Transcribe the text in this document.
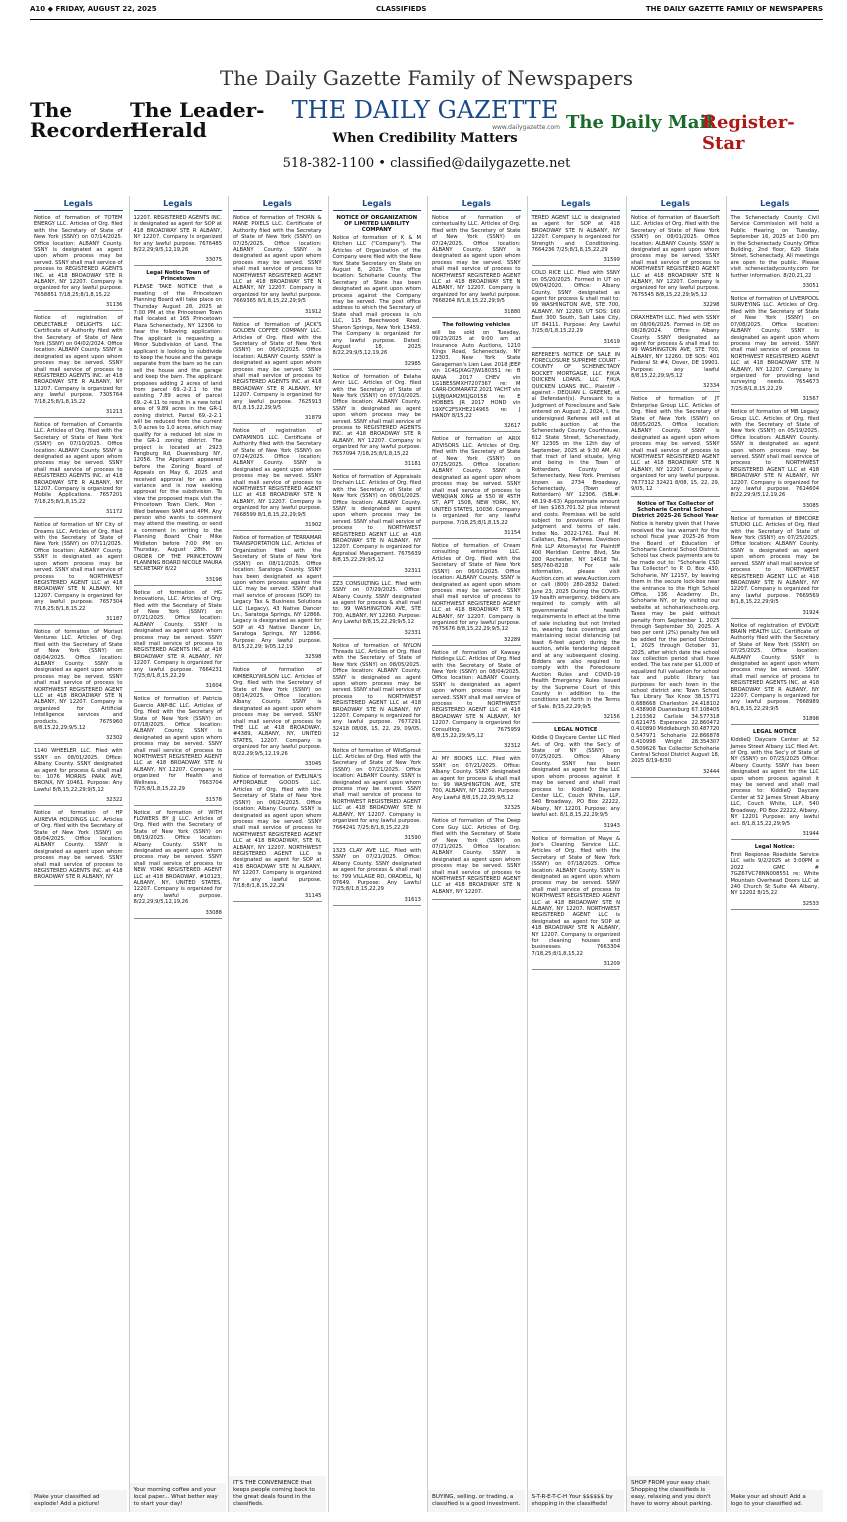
A10 ◆ FRIDAY, AUGUST 22, 2025	CLASSIFIEDS	THE DAILY GAZETTE FAMILY OF NEWSPAPERS
The Daily Gazette Family of Newspapers
The Recorder
The Leader-Herald
THE DAILY GAZETTE
www.dailygazette.com
When Credibility Matters
The Daily Mail
Register-Star
518-382-1100 • classified@dailygazette.net
Legals
Notice of formation of TOTEM ENERGY LLC. Articles of Org. filed with the Secretary of State of New York (SSNY) on 07/14/2025. Office location: ALBANY County. SSNY is designated as agent upon whom process may be served. SSNY shall mail service of process to REGISTERED AGENTS INC. at 418 BROADWAY STE R ALBANY, NY 12207. Company is organized for any lawful purpose. 7658851 7/18,25;8/1,8,15,22
31136
Notice of registration of DELECTABLE DELIGHTS LLC. Certificate of Authority filed with the Secretary of State of New York (SSNY) on 04/02/2024. Office location: ALBANY County. SSNY is designated as agent upon whom process may be served. SSNY shall mail service of process to REGISTERED AGENTS INC. at 418 BROADWAY STE R ALBANY, NY 12207. Company is organized for any lawful purpose. 7305764 7/18,25;8/1,8,15,22
31213
Notice of formation of Comantis LLC. Articles of Org. filed with the Secretary of State of New York (SSNY) on 07/10/2025. Office location: ALBANY County. SSNY is designated as agent upon whom process may be served. SSNY shall mail service of process to REGISTERED AGENTS INC. at 418 BROADWAY STE R ALBANY, NY 12207. Company is organized for Mobile Applications. 7657201 7/18,25;8/1,8,15,22
31172
Notice of formation of NY City of Dreams LLC. Articles of Org. filed with the Secretary of State of New York (SSNY) on 07/11/2025. Office location: ALBANY County. SSNY is designated as agent upon whom process may be served. SSNY shall mail service of process to NORTHWEST REGISTERED AGENT LLC at 418 BROADWAY STE N ALBANY, NY 12207. Company is organized for any lawful purpose. 7657304 7/18,25;8/1,8,15,22
31187
Notice of formation of Morisot Ventures LLC. Articles of Org. filed with the Secretary of State of New York (SSNY) on 08/04/2025. Office location: ALBANY County. SSNY is designated as agent upon whom process may be served. SSNY shall mail service of process to NORTHWEST REGISTERED AGENT LLC at 418 BROADWAY STE N ALBANY, NY 12207. Company is organized for Artificial Intelligence services and products. 7675960 8/8,15,22,29;9/5,12
32302
1140 WHEELER LLC. Filed with SSNY on 08/01/2025. Office: Albany County. SSNY designated as agent for process & shall mail to: 1076 MORRIS PARK AVE, BRONX, NY 10461. Purpose: Any Lawful 8/8,15,22,29;9/5,12
32322
Notice of formation of HP AUREVIA HOLDINGS LLC. Articles of Org. filed with the Secretary of State of New York (SSNY) on 08/04/2025. Office location: ALBANY County. SSNY is designated as agent upon whom process may be served. SSNY shall mail service of process to REGISTERED AGENTS INC. at 418 BROADWAY STE R ALBANY, NY
Make your classified ad explode! Add a picture!
Legals
12207. REGISTERED AGENTS INC. is designated as agent for SOP at 418 BROADWAY STE R ALBANY, NY 12207. Company is organized for any lawful purpose. 7676485 8/22,29;9/5,12,19,26
33075
Legal Notice Town of Princetown
PLEASE TAKE NOTICE that a meeting of the Princetown Planning Board will take place on Thursday August 28, 2025 at 7:00 PM at the Princetown Town Hall located at 165 Princetown Plaza Schenectady, NY 12306 to hear the following application: The applicant is requesting a Minor Subdivision of Land. The applicant is looking to subdivide to keep the house and the garage separate from the barn so he can sell the house and the garage and keep the barn. The applicant proposes adding 2 acres of land from parcel 69.-2-2.1 to the existing 7.89 acres of parcel 69.-2-4.11 to result in a new total area of 9.89 acres in the GR-1 zoning district. Parcel 69.-2-2.1 will be reduced from the current 3.0 acres to 1.0 acres, which may qualify for a reduced lot size in the GR-1 zoning district. The project is located at 2923 Pangburg Rd, Duanesburg NY, 12056. The Applicant appeared before the Zoning Board of Appeals on May 6, 2025 and received approval for an area variance and is now seeking approval for the subdivision. To view the proposed maps visit the Princetown Town Clerk, Mon - Wed between 9AM and 4PM. Any person who wants to comment may attend the meeting, or send a comment in writing to the Planning Board Chair Mike Mildleton before 7:00 PM on Thursday, August 28th. BY ORDER OF THE PRINCETOWN PLANNING BOARD NICOLE MAURA SECRETARY 8/22
33198
Notice of formation of HG Innovations, LLC. Articles of Org. filed with the Secretary of State of New York (SSNY) on 07/21/2025. Office location: ALBANY County. SSNY is designated as agent upon whom process may be served. SSNY shall mail service of process to REGISTERED AGENTS INC. at 418 BROADWAY STE R ALBANY, NY 12207. Company is organized for any lawful purpose. 7664231 7/25;8/1,8,15,22,29
31604
Notice of formation of Patricia Guercio ANP-BC LLC. Articles of Org. filed with the Secretary of State of New York (SSNY) on 07/18/2025. Office location: ALBANY County. SSNY is designated as agent upon whom process may be served. SSNY shall mail service of process to NORTHWEST REGISTERED AGENT LLC at 418 BROADWAY STE N ALBANY, NY 12207. Company is organized for Health and Wellness. 7663704 7/25;8/1,8,15,22,29
31578
Notice of formation of WITH FLOWERS BY JJ LLC. Articles of Org. filed with the Secretary of State of New York (SSNY) on 08/19/2025. Office location: Albany County. SSNY is designated as agent upon whom process may be served. SSNY shall mail service of process to NEW YORK REGISTERED AGENT LLC at 418 BROADWAY, #10123, ALBANY, NY, UNITED STATES, 12207. Company is organized for any lawful purpose. 8/22,29;9/5,12,19,26
33088
Your morning coffee and your local paper... What better way to start your day!
Legals
Notice of formation of THORN & MANE PIXELS LLC. Certificate of Authority filed with the Secretary of State of New York (SSNY) on 07/25/2025. Office location: ALBANY County. SSNY is designated as agent upon whom process may be served. SSNY shall mail service of process to NORTHWEST REGISTERED AGENT LLC at 418 BROADWAY STE N ALBANY, NY 12207. Company is organized for any lawful purpose. 7669365 8/1,8,15,22,29;9/5
31912
Notice of formation of JACK'S GOLDEN COFFEE COMPANY LLC. Articles of Org. filed with the Secretary of State of New York (SSNY) on 06/02/2025. Office location: ALBANY County. SSNY is designated as agent upon whom process may be served. SSNY shall mail service of process to REGISTERED AGENTS INC. at 418 BROADWAY STE R ALBANY, NY 12207. Company is organized for any lawful purpose. 7625913 8/1,8,15,22,29;9/5
31879
Notice of registration of DATAMINDS LLC. Certificate of Authority filed with the Secretary of State of New York (SSNY) on 07/24/2025. Office location: ALBANY County. SSNY is designated as agent upon whom process may be served. SSNY shall mail service of process to NORTHWEST REGISTERED AGENT LLC at 418 BROADWAY STE N ALBANY, NY 12207. Company is organized for any lawful purpose. 7668599 8/1,8,15,22,29;9/5
31902
Notice of formation of TERRAMAR TRANSPORTATION LLC. Articles of Organization filed with the Secretary of State of New York (SSNY) on 08/11/2025. Office location: Saratoga County. SSNY has been designated as agent upon whom process against the LLC may be served. SSNY shall mail service of process (SOP) to: Legacy Tax & Business Solutions LLC (Legacy), 43 Native Dancer Ln., Saratoga Springs, NY 12866. Legacy is designated as agent for SOP at 43 Native Dancer Ln, Saratoga Springs, NY 12866. Purpose: Any lawful purpose. 8/15,22,29; 9/05,12,19
32598
Notice of formation of KIMBERLYWILSON LLC. Articles of Org. filed with the Secretary of State of New York (SSNY) on 08/14/2025. Office location: Albany County. SSNY is designated as agent upon whom process may be served. SSNY shall mail service of process to THE LLC at 418 BROADWAY, #4389, ALBANY, NY, UNITED STATES, 12207. Company is organized for any lawful purpose. 8/22,29;9/5,12,19,26
33045
Notice of formation of EVELINA'S AFFORDABLE GOODS LLC. Articles of Org. filed with the Secretary of State of New York (SSNY) on 06/24/2025. Office location: Albany County. SSNY is designated as agent upon whom process may be served. SSNY shall mail service of process to NORTHWEST REGISTERED AGENT LLC at 418 BROADWAY, STE N, ALBANY, NY 12207. NORTHWEST REGISTERED AGENT LLC is designated as agent for SOP at 418 BROADWAY STE N ALBANY, NY 12207. Company is organized for any lawful purpose. 7/18;8/1,8,15,22,29
31145
IT'S THE CONVENIENCE that keeps people coming back to the great deals found in the classifieds.
Legals
NOTICE OF ORGANIZATION OF LIMITED LIABILITY COMPANY
Notice of formation of K & M Kitchen LLC ("Company"). The Articles of Organization of the Company were filed with the New York State Secretary on State on August 8, 2025. The office location: Schoharie County. The Secretary of State has been designated as agent upon whom process against the Company may be served. The post office address to which the Secretary of State shall mail process is c/o LLC, 115 Beechwood Road, Sharon Springs, New York 13459. The Company is organized for any lawful purpose. Dated: August 18, 2025 8/22,29;9/5,12,19,26
32985
Notice of formation of Eelaha Amir LLC. Articles of Org. filed with the Secretary of State of New York (SSNY) on 07/10/2025. Office location: ALBANY County. SSNY is designated as agent upon whom process may be served. SSNY shall mail service of process to REGISTERED AGENTS INC. at 418 BROADWAY STE R ALBANY, NY 12207. Company is organized for any lawful purpose. 7657094 7/18,25;8/1,8,15,22
31181
Notice of formation of Appraisals Onchain LLC. Articles of Org. filed with the Secretary of State of New York (SSNY) on 08/01/2025. Office location: ALBANY County. SSNY is designated as agent upon whom process may be served. SSNY shall mail service of process to NORTHWEST REGISTERED AGENT LLC at 418 BROADWAY STE N ALBANY, NY 12207. Company is organized for Appraisal Management. 7675639 8/8,15,22,29;9/5,12
32311
ZZ3 CONSULTING LLC. Filed with SSNY on 07/29/2025. Office: Albany County. SSNY designated as agent for process & shall mail to: 99 WASHINGTON AVE, STE 700, ALBANY, NY 12260. Purpose: Any Lawful 8/8,15,22,29;9/5,12
32331
Notice of formation of NYLON Threads LLC. Articles of Org. filed with the Secretary of State of New York (SSNY) on 08/05/2025. Office location: ALBANY County. SSNY is designated as agent upon whom process may be served. SSNY shall mail service of process to NORTHWEST REGISTERED AGENT LLC at 418 BROADWAY STE N ALBANY, NY 12207. Company is organized for any lawful purpose. 7677291 32418 08/08, 15, 22, 29, 09/05, 12
Notice of formation of WildSprout LLC. Articles of Org. filed with the Secretary of State of New York (SSNY) on 07/21/2025. Office location: ALBANY County. SSNY is designated as agent upon whom process may be served. SSNY shall mail service of process to NORTHWEST REGISTERED AGENT LLC at 418 BROADWAY STE N ALBANY, NY 12207. Company is organized for any lawful purpose. 7664241 7/25;8/1,8,15,22,29
31590
1323 CLAY AVE LLC. Filed with SSNY on 07/21/2025. Office: Albany County. SSNY designated as agent for process & shall mail to: 799 VILLAGE RD, ORADELL, NJ 07649. Purpose: Any Lawful 7/25;8/1,8,15,22,29
31613
Legals
Notice of formation of contextuality LLC. Articles of Org. filed with the Secretary of State of New York (SSNY) on 07/24/2025. Office location: ALBANY County. SSNY is designated as agent upon whom process may be served. SSNY shall mail service of process to NORTHWEST REGISTERED AGENT LLC at 418 BROADWAY STE N ALBANY, NY 12207. Company is organized for any lawful purpose. 7668264 8/1,8,15,22,29;9/5
31880
The following vehicles
will be sold on Tuesday, 09/23/2025 at 9:00 am at Insurance Auto Auctions, 1210 Kings Road, Schenectady, NY 12303. New York State Garageman's Lien Law: 2018 JEEP vin 1C4GJXAG7JW180351 re: B RANA 2017 CHEV vin 1G1BE5SMXH7207367 re: M CARR-DOMARATZ 2021 YACHT vin 1UJBJ0AM2M1JG0158 re: E HOBBES JR 2017 HOND vin 19XFC2F5XHE214965 re: J HANDY 8/15,22
32617
Notice of formation of ARIX ADVISORS LLC. Articles of Org. filed with the Secretary of State of New York (SSNY) on 07/25/2025. Office location: ALBANY County. SSNY is designated as agent upon whom process may be served. SSNY shall mail service of process to WENQIAN XING at 550 W 45TH ST, APT 1508, NEW YORK, NY, UNITED STATES, 10036. Company is organized for any lawful purpose. 7/18,25;8/1,8,15,22
31154
Notice of formation of Cream consulting enterprise LLC. Articles of Org. filed with the Secretary of State of New York (SSNY) on 06/01/2025. Office location: ALBANY County. SSNY is designated as agent upon whom process may be served. SSNY shall mail service of process to NORTHWEST REGISTERED AGENT LLC at 418 BROADWAY STE N ALBANY, NY 12207. Company is organized for any lawful purpose. 7675676 8/8,15,22,29;9/5,12
32289
Notice of formation of Kawsay Holdings LLC. Articles of Org. filed with the Secretary of State of New York (SSNY) on 08/04/2025. Office location: ALBANY County. SSNY is designated as agent upon whom process may be served. SSNY shall mail service of process to NORTHWEST REGISTERED AGENT LLC at 418 BROADWAY STE N ALBANY, NY 12207. Company is organized for Consulting. 7675959 8/8,15,22,29;9/5,12
32312
AI MY BOOKS LLC. Filed with SSNY on 07/21/2025. Office: Albany County. SSNY designated as agent for process & shall mail to: 99 WASHINGTON AVE, STE 700, ALBANY, NY 12260. Purpose: Any Lawful 8/8,15,22,29;9/5,12
32325
Notice of formation of The Deep Core Guy LLC. Articles of Org. filed with the Secretary of State of New York (SSNY) on 07/21/2025. Office location: ALBANY County. SSNY is designated as agent upon whom process may be served. SSNY shall mail service of process to NORTHWEST REGISTERED AGENT LLC at 418 BROADWAY STE N ALBANY, NY 12207.
BUYING, selling, or trading, a classified is a good investment.
Legals
TERED AGENT LLC is designated as agent for SOP at 418 BROADWAY STE N ALBANY, NY 12207. Company is organized for Strength and Conditioning. 7664236 7/25;8/1,8,15,22,29
31599
COLD RICE LLC. Filed with SSNY on 05/20/2025. Formed in UT on 09/04/2020. Office: Albany County. SSNY designated as agent for process & shall mail to: 99 WASHINGTON AVE, STE 700, ALBANY, NY 12260. UT SOS: 160 East 300 South, Salt Lake City, UT 84111. Purpose: Any Lawful 7/25;8/1,8,15,22,29
31619
REFEREE'S NOTICE OF SALE IN FORECLOSURE SUPREME COURT - COUNTY OF SCHENECTADY ROCKET MORTGAGE, LLC F/K/A QUICKEN LOANS, LLC F/K/A QUICKEN LOANS INC., Plaintiff - against - DEQUAN L. GREENE, et al Defendant(s). Pursuant to a Judgment of Foreclosure and Sale entered on August 2, 2024, I, the undersigned Referee will sell at public auction at the Schenectady County Courthouse, 612 State Street, Schenectady, NY 12305 on the 12th day of September, 2025 at 9:30 AM. All that tract of land situate, lying and being in the Town of Rotterdam, County of Schenectady, New York. Premises known as 2734 Broadway, Schenectady, (Town of Rotterdam) NY 12306. (SBL#: 48.19-8-63) Approximate amount of lien $163,701.32 plus interest and costs. Premises will be sold subject to provisions of filed judgment and terms of sale. Index No. 2022-1761. Paul M. Callahan, Esq., Referee. Davidson Fink LLP Attorney(s) for Plaintiff 400 Meridian Centre Blvd, Ste 200 Rochester, NY 14618 Tel. 585/760-8218 For sale information, please visit Auction.com at www.Auction.com or call (800) 280-2832 Dated: June 23, 2025 During the COVID-19 health emergency, bidders are required to comply with all governmental health requirements in effect at the time of sale including but not limited to, wearing face coverings and maintaining social distancing (at least 6-feet apart) during the auction, while tendering deposit and at any subsequent closing. Bidders are also required to comply with the Foreclosure Auction Rules and COVID-19 Health Emergency Rules issued by the Supreme Court of this County in addition to the conditions set forth in the Terms of Sale. 8/15,22,29;9/5
32156
LEGAL NOTICE
Kiddie Q Daycare Center LLC filed Art. of Org. with the Sec'y of State of NY (SSNY) on 07/25/2025. Office: Albany County. SSNY has been designated as agent for the LLC upon whom process against it may be served and shall mail process to: KiddieQ Daycare Center LLC, Couch White, LLP, 540 Broadway, PO Box 22222, Albany, NY 12201 Purpose: any lawful act. 8/1,8,15,22,29;9/5
31943
Notice of formation of Maye & Joe's Cleaning Service LLC. Articles of Org. filed with the Secretary of State of New York (SSNY) on 07/18/2025. Office location: ALBANY County. SSNY is designated as agent upon whom process may be served. SSNY shall mail service of process to NORTHWEST REGISTERED AGENT LLC at 418 BROADWAY STE N ALBANY, NY 12207. NORTHWEST REGISTERED AGENT LLC is designated as agent for SOP at 418 BROADWAY STE N ALBANY, NY 12207. Company is organized for cleaning houses and businesses. 7663304 7/18,25;8/1,8,15,22
31209
S-T-R-E-T-C-H Your $$$$$$ by shopping in the classifieds!
Legals
Notice of formation of BauerSoft LLC. Articles of Org. filed with the Secretary of State of New York (SSNY) on 08/01/2025. Office location: ALBANY County. SSNY is designated as agent upon whom process may be served. SSNY shall mail service of process to NORTHWEST REGISTERED AGENT LLC at 418 BROADWAY STE N ALBANY, NY 12207. Company is organized for any lawful purpose. 7675545 8/8,15,22,29;9/5,12
32298
DRAXHEATH LLC. Filed with SSNY on 08/06/2025. Formed in DE on 08/28/2024. Office: Albany County. SSNY designated as agent for process & shall mail to: 99 WASHINGTON AVE, STE 700, ALBANY, NY 12260. DE SOS: 401 Federal St #4, Dover, DE 19901. Purpose: any lawful 8/8,15,22,29;9/5,12
32334
Notice of formation of JT Enterprise Group LLC. Articles of Org. filed with the Secretary of State of New York (SSNY) on 08/05/2025. Office location: ALBANY County. SSNY is designated as agent upon whom process may be served. SSNY shall mail service of process to NORTHWEST REGISTERED AGENT LLC at 418 BROADWAY STE N ALBANY, NY 12207. Company is organized for any lawful purpose. 7677312 32421 8/08, 15, 22, 29, 9/05, 12
Notice of Tax Collector of Schoharie Central School District 2025-26 School Year
Notice is hereby given that I have received the tax warrant for the school fiscal year 2025-26 from the Board of Education of Schoharie Central School District. School tax check payments are to be made out to: "Schoharie CSD Tax Collector" to P. O. Box 430, Schoharie, NY 12157, by leaving them in the secure lock-box near the entrance to the High School Office, 136 Academy Dr., Schoharie NY, or by visiting our website at schoharieschools.org. Taxes may be paid without penalty from September 1, 2025 through September 30, 2025. A two per cent (2%) penalty fee will be added for the period October 1, 2025 through October 31, 2025, after which date the school tax collection period shall have ended. The tax rate per $1,000 of equalized full valuation for school tax and public library tax purposes for each town in the school district are: Town School Tax Library Tax Knox 38.15771 0.688668 Charleston 24.418102 0.438908 Duanesburg 67.108405 1.213362 Carlisle 34.577318 0.621475 Esperance 22.860472 0.410890 Middleburgh 30.487720 0.547971 Schoharie 22.866878 0.410998 Wright 28.354307 0.509626 Tax Collector Schoharie Central School District August 18, 2025 8/19-8/30
32444
SHOP FROM your easy chair. Shopping the classifieds is easy, relaxing and you don't have to worry about parking.
Legals
The Schenectady County Civil Service Commission will hold a Public Hearing on Tuesday, September 16, 2025 at 1:00 pm in the Schenectady County Office Building, 2nd floor, 620 State Street, Schenectady. All meetings are open to the public. Please visit schenectadycounty.com for further information. 8/20,21,22
33051
Notice of formation of LIVERPOOL SURVEYING LLC. Articles of Org. filed with the Secretary of State of New York (SSNY) on 07/08/2025. Office location: ALBANY County. SSNY is designated as agent upon whom process may be served. SSNY shall mail service of process to NORTHWEST REGISTERED AGENT LLC at 418 BROADWAY STE N ALBANY, NY 12207. Company is organized for providing land surveying needs. 7654673 7/25;8/1,8,15,22,29
31567
Notice of formation of MB Legacy Group LLC. Articles of Org. filed with the Secretary of State of New York (SSNY) on 05/19/2025. Office location: ALBANY County. SSNY is designated as agent upon whom process may be served. SSNY shall mail service of process to NORTHWEST REGISTERED AGENT LLC at 418 BROADWAY STE N ALBANY, NY 12207. Company is organized for any lawful purpose. 7614604 8/22,29;9/5,12,19,26
33085
Notice of formation of BIMCORE STUDIO LLC. Articles of Org. filed with the Secretary of State of New York (SSNY) on 07/25/2025. Office location: ALBANY County. SSNY is designated as agent upon whom process may be served. SSNY shall mail service of process to NORTHWEST REGISTERED AGENT LLC at 418 BROADWAY STE N ALBANY, NY 12207. Company is organized for any lawful purpose. 7669569 8/1,8,15,22,29;9/5
31924
Notice of registration of EVOLVE BRAIN HEALTH LLC. Certificate of Authority filed with the Secretary of State of New York (SSNY) on 07/25/2025. Office location: ALBANY County. SSNY is designated as agent upon whom process may be served. SSNY shall mail service of process to REGISTERED AGENTS INC. at 418 BROADWAY STE R ALBANY, NY 12207. Company is organized for any lawful purpose. 7668989 8/1,8,15,22,29;9/5
31898
LEGAL NOTICE
KiddieQ Daycare Center at 52 James Street Albany LLC filed Art. of Org. with the Sec'y of State of NY (SSNY) on 07/25/2025 Office: Albany County. SSNY has been designated as agent for the LLC upon whom process against it may be served and shall mail process to: KiddieQ Daycare Center at 52 James Street Albany LLC, Couch White, LLP, 540 Broadway, PO Box 22222, Albany, NY 12201 Purpose: any lawful act. 8/1,8,15,22,29;9/5
31944
Legal Notice:
First Response Roadside Service LLC sells 9/2/2025 at 3:00PM a 2022 GMC # 7GZ67VC78NN008551 re: White Mountain Overhead Doors LLC at 240 Church St Suite 4A Albany, NY 12202 8/15,22
32533
Make your ad shout! Add a logo to your classified ad.
